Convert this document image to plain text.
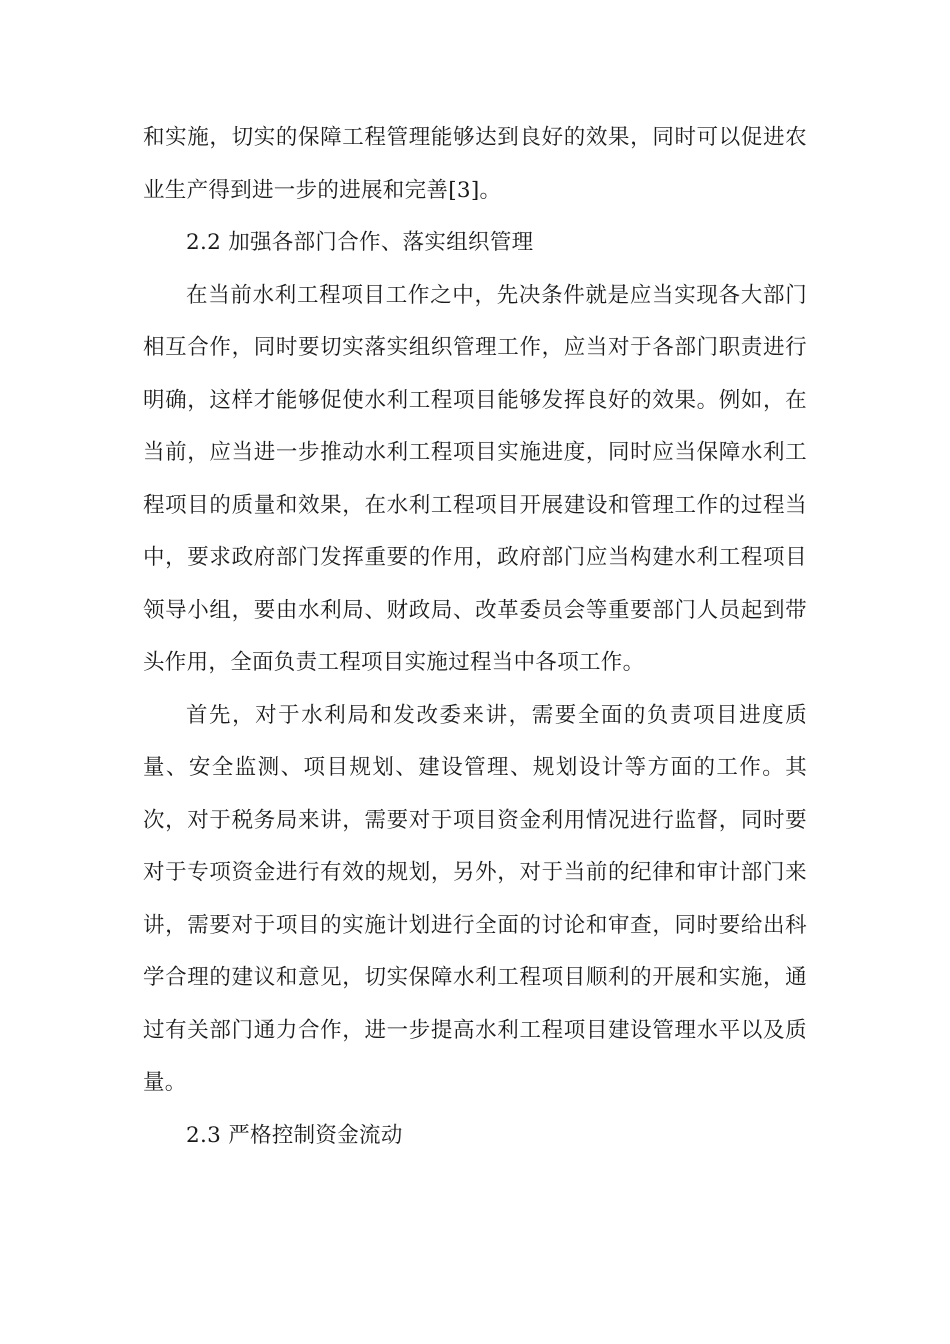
和实施，切实的保障工程管理能够达到良好的效果，同时可以促进农业生产得到进一步的进展和完善[3]。

2.2 加强各部门合作、落实组织管理

在当前水利工程项目工作之中，先决条件就是应当实现各大部门相互合作，同时要切实落实组织管理工作，应当对于各部门职责进行明确，这样才能够促使水利工程项目能够发挥良好的效果。例如，在当前，应当进一步推动水利工程项目实施进度，同时应当保障水利工程项目的质量和效果，在水利工程项目开展建设和管理工作的过程当中，要求政府部门发挥重要的作用，政府部门应当构建水利工程项目领导小组，要由水利局、财政局、改革委员会等重要部门人员起到带头作用，全面负责工程项目实施过程当中各项工作。

首先，对于水利局和发改委来讲，需要全面的负责项目进度质量、安全监测、项目规划、建设管理、规划设计等方面的工作。其次，对于税务局来讲，需要对于项目资金利用情况进行监督，同时要对于专项资金进行有效的规划，另外，对于当前的纪律和审计部门来讲，需要对于项目的实施计划进行全面的讨论和审查，同时要给出科学合理的建议和意见，切实保障水利工程项目顺利的开展和实施，通过有关部门通力合作，进一步提高水利工程项目建设管理水平以及质量。

2.3 严格控制资金流动
